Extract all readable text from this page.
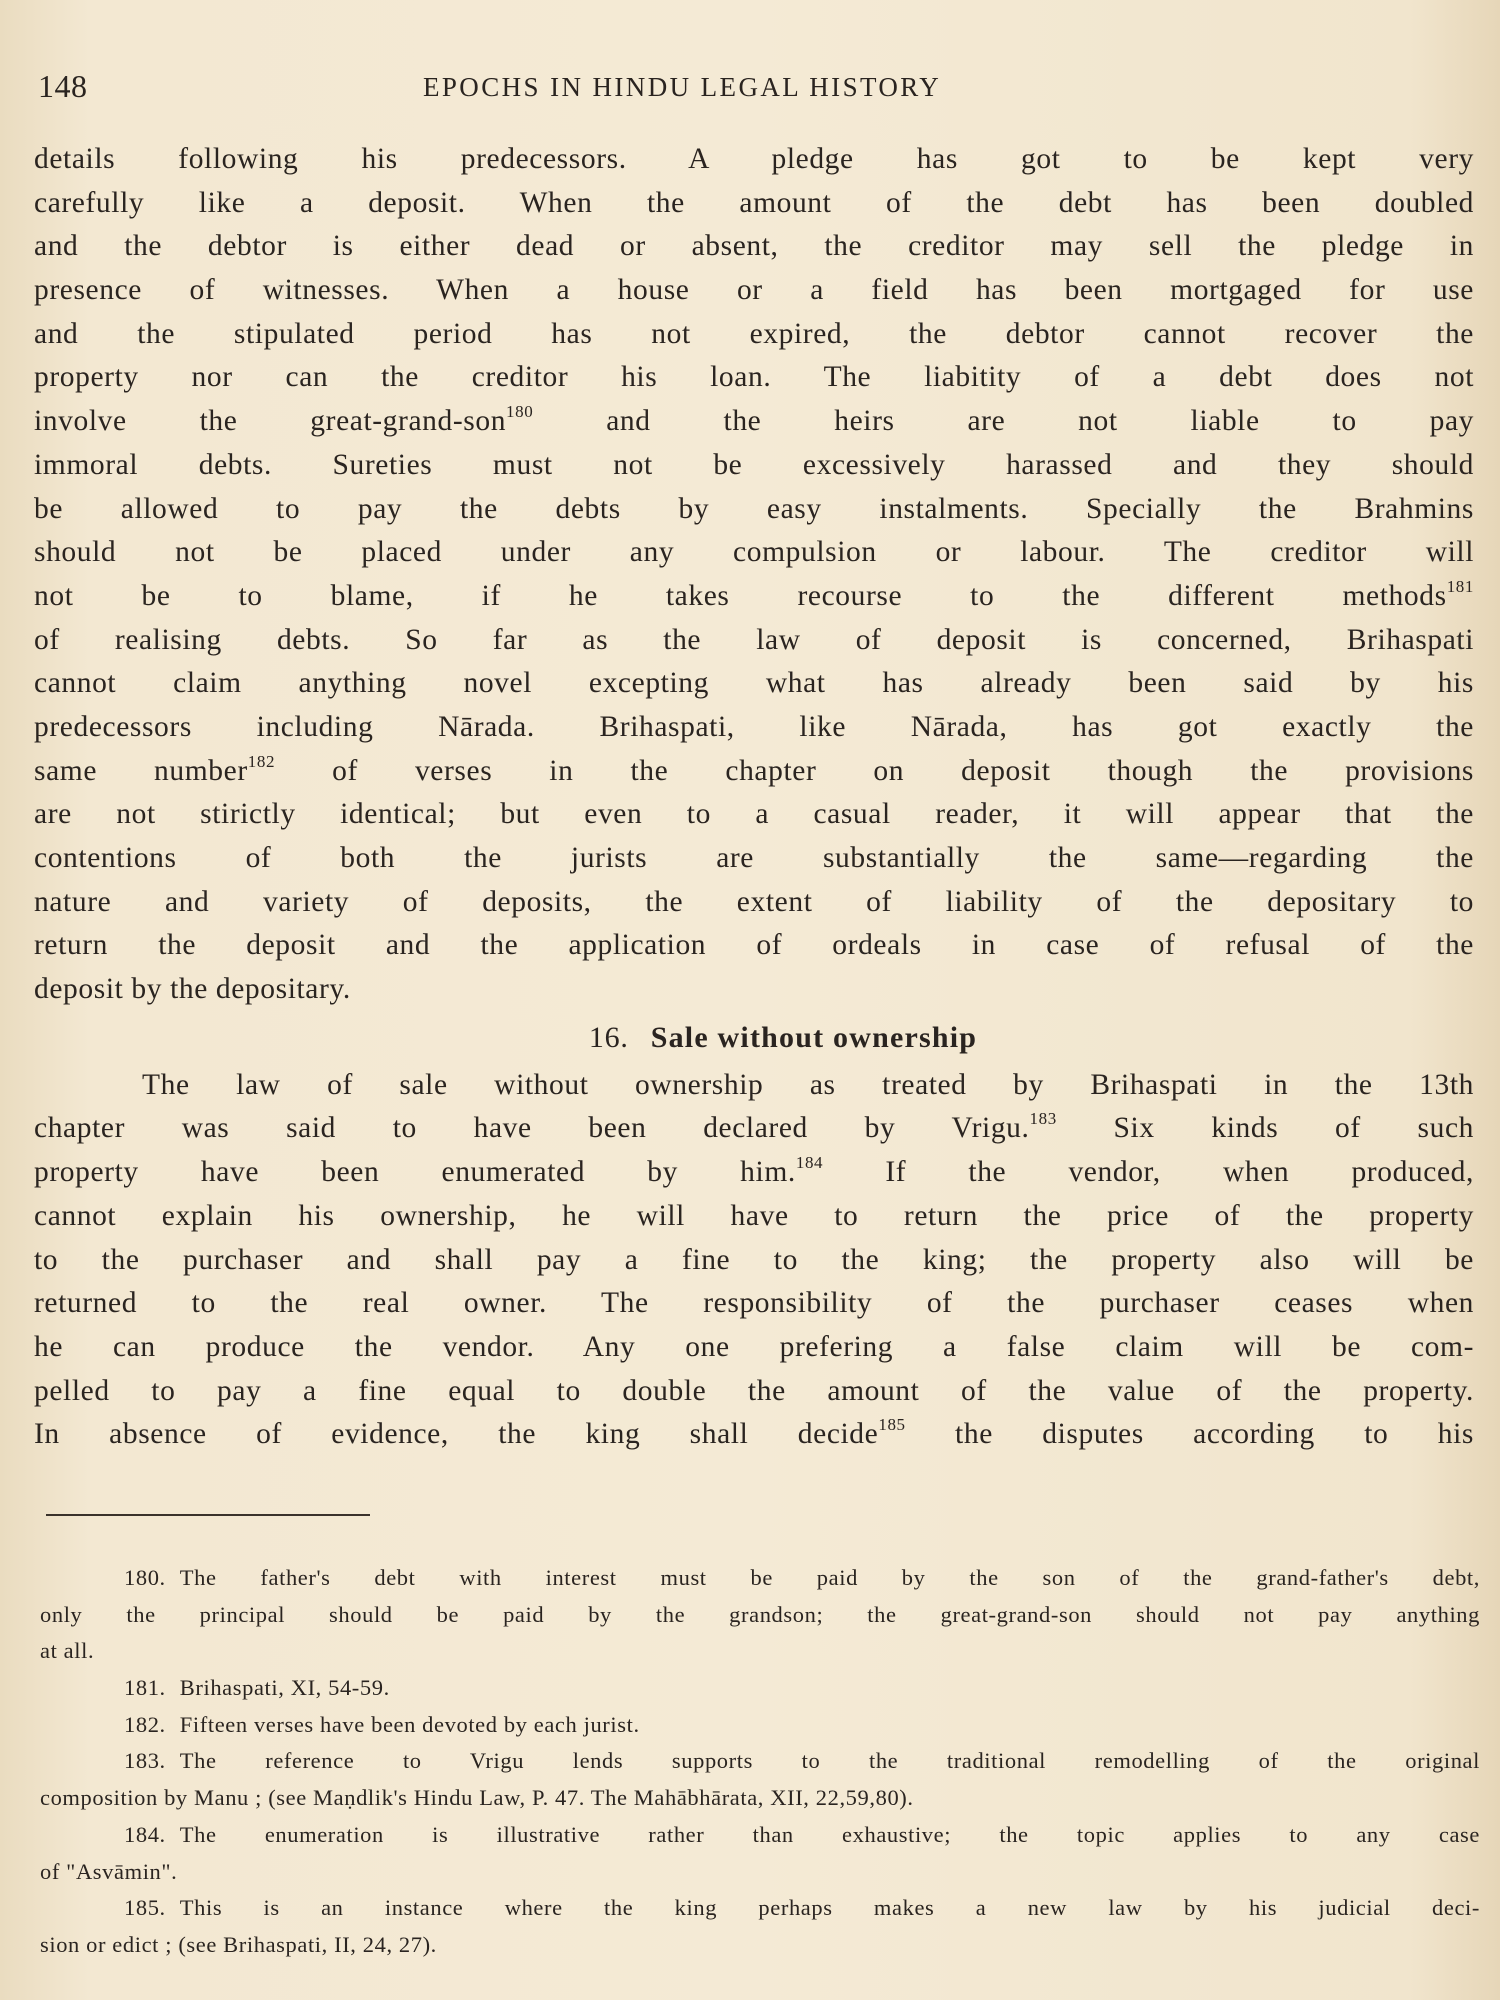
148	EPOCHS IN HINDU LEGAL HISTORY
details following his predecessors. A pledge has got to be kept very
carefully like a deposit. When the amount of the debt has been doubled
and the debtor is either dead or absent, the creditor may sell the pledge in
presence of witnesses. When a house or a field has been mortgaged for use
and the stipulated period has not expired, the debtor cannot recover the
property nor can the creditor his loan. The liabitity of a debt does not
involve the great-grand-son$^{180}$ and the heirs are not liable to pay
immoral debts. Sureties must not be excessively harassed and they should
be allowed to pay the debts by easy instalments. Specially the Brahmins
should not be placed under any compulsion or labour. The creditor will
not be to blame, if he takes recourse to the different methods$^{181}$
of realising debts. So far as the law of deposit is concerned, Brihaspati
cannot claim anything novel excepting what has already been said by his
predecessors including Nārada. Brihaspati, like Nārada, has got exactly the
same number$^{182}$ of verses in the chapter on deposit though the provisions
are not stirictly identical; but even to a casual reader, it will appear that the
contentions of both the jurists are substantially the same—regarding the
nature and variety of deposits, the extent of liability of the depositary to
return the deposit and the application of ordeals in case of refusal of the
deposit by the depositary.
16. Sale without ownership
The law of sale without ownership as treated by Brihaspati in the 13th
chapter was said to have been declared by Vrigu.$^{183}$ Six kinds of such
property have been enumerated by him.$^{184}$ If the vendor, when produced,
cannot explain his ownership, he will have to return the price of the property
to the purchaser and shall pay a fine to the king; the property also will be
returned to the real owner. The responsibility of the purchaser ceases when
he can produce the vendor. Any one prefering a false claim will be com-
pelled to pay a fine equal to double the amount of the value of the property.
In absence of evidence, the king shall decide$^{185}$ the disputes according to his
180. The father's debt with interest must be paid by the son of the grand-father's debt,
only the principal should be paid by the grandson; the great-grand-son should not pay anything
at all.
181. Brihaspati, XI, 54-59.
182. Fifteen verses have been devoted by each jurist.
183. The reference to Vrigu lends supports to the traditional remodelling of the original
composition by Manu ; (see Maṇdlik's Hindu Law, P. 47. The Mahābhārata, XII, 22,59,80).
184. The enumeration is illustrative rather than exhaustive; the topic applies to any case
of "Asvāmin".
185. This is an instance where the king perhaps makes a new law by his judicial deci-
sion or edict ; (see Brihaspati, II, 24, 27).
